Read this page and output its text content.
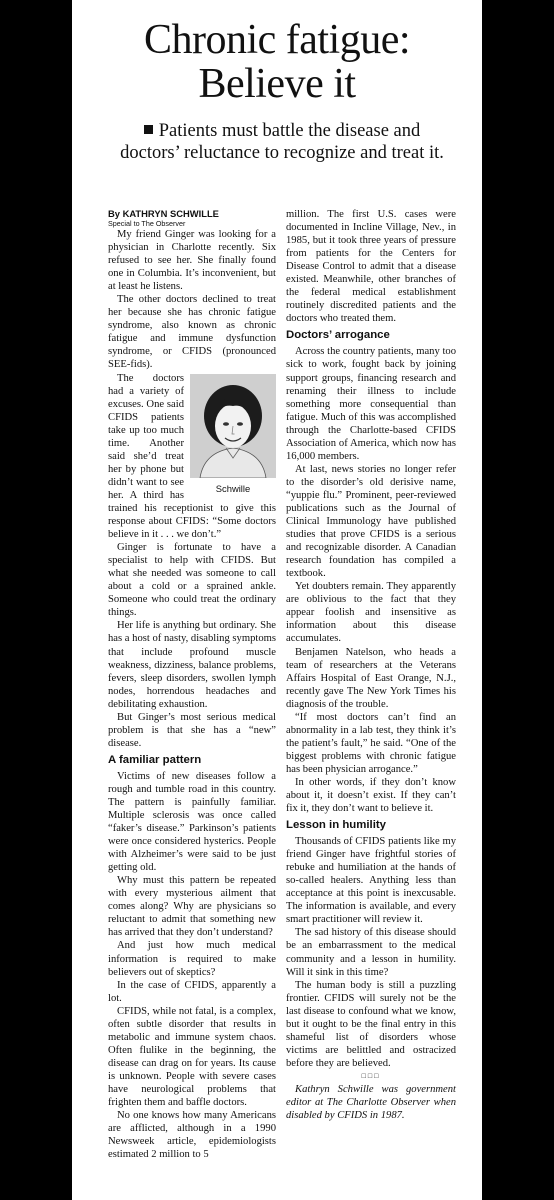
Chronic fatigue:
Believe it
Patients must battle the disease and doctors’ reluctance to recognize and treat it.

By KATHRYN SCHWILLE

Special to The Observer

My friend Ginger was looking for a physician in Charlotte recently. Six refused to see her. She finally found one in Columbia. It’s inconvenient, but at least he listens.

The other doctors declined to treat her because she has chronic fatigue syndrome, also known as chronic fatigue and immune dysfunction syndrome, or CFIDS (pronounced SEE-fids).

Schwille

The doctors had a variety of excuses. One said CFIDS patients take up too much time. Another said she’d treat her by phone but didn’t want to see her. A third has trained his receptionist to give this response about CFIDS: “Some doctors believe in it . . . we don’t.”

Ginger is fortunate to have a specialist to help with CFIDS. But what she needed was someone to call about a cold or a sprained ankle. Someone who could treat the ordinary things.

Her life is anything but ordinary. She has a host of nasty, disabling symptoms that include profound muscle weakness, dizziness, balance problems, fevers, sleep disorders, swollen lymph nodes, horrendous headaches and debilitating exhaustion.

But Ginger’s most serious medical problem is that she has a “new” disease.

A familiar pattern

Victims of new diseases follow a rough and tumble road in this country. The pattern is painfully familiar. Multiple sclerosis was once called “faker’s disease.” Parkinson’s patients were once considered hysterics. People with Alzheimer’s were said to be just getting old.

Why must this pattern be repeated with every mysterious ailment that comes along? Why are physicians so reluctant to admit that something new has arrived that they don’t understand?

And just how much medical information is required to make believers out of skeptics?

In the case of CFIDS, apparently a lot.

CFIDS, while not fatal, is a complex, often subtle disorder that results in metabolic and immune system chaos. Often flulike in the beginning, the disease can drag on for years. Its cause is unknown. People with severe cases have neurological problems that frighten them and baffle doctors.

No one knows how many Americans are afflicted, although in a 1990 Newsweek article, epidemiologists estimated 2 million to 5

million. The first U.S. cases were documented in Incline Village, Nev., in 1985, but it took three years of pressure from patients for the Centers for Disease Control to admit that a disease existed. Meanwhile, other branches of the federal medical establishment routinely discredited patients and the doctors who treated them.

Doctors’ arrogance

Across the country patients, many too sick to work, fought back by joining support groups, financing research and renaming their illness to include something more consequential than fatigue. Much of this was accomplished through the Charlotte-based CFIDS Association of America, which now has 16,000 members.

At last, news stories no longer refer to the disorder’s old derisive name, “yuppie flu.” Prominent, peer-reviewed publications such as the Journal of Clinical Immunology have published studies that prove CFIDS is a serious and recognizable disorder. A Canadian research foundation has compiled a textbook.

Yet doubters remain. They apparently are oblivious to the fact that they appear foolish and insensitive as information about this disease accumulates.

Benjamen Natelson, who heads a team of researchers at the Veterans Affairs Hospital of East Orange, N.J., recently gave The New York Times his diagnosis of the trouble.

“If most doctors can’t find an abnormality in a lab test, they think it’s the patient’s fault,” he said. “One of the biggest problems with chronic fatigue has been physician arrogance.”

In other words, if they don’t know about it, it doesn’t exist. If they can’t fix it, they don’t want to believe it.

Lesson in humility

Thousands of CFIDS patients like my friend Ginger have frightful stories of rebuke and humiliation at the hands of so-called healers. Anything less than acceptance at this point is inexcusable. The information is available, and every smart practitioner will review it.

The sad history of this disease should be an embarrassment to the medical community and a lesson in humility. Will it sink in this time?

The human body is still a puzzling frontier. CFIDS will surely not be the last disease to confound what we know, but it ought to be the final entry in this shameful list of disorders whose victims are belittled and ostracized before they are believed.

□□□

Kathryn Schwille was government editor at The Charlotte Observer when disabled by CFIDS in 1987.
